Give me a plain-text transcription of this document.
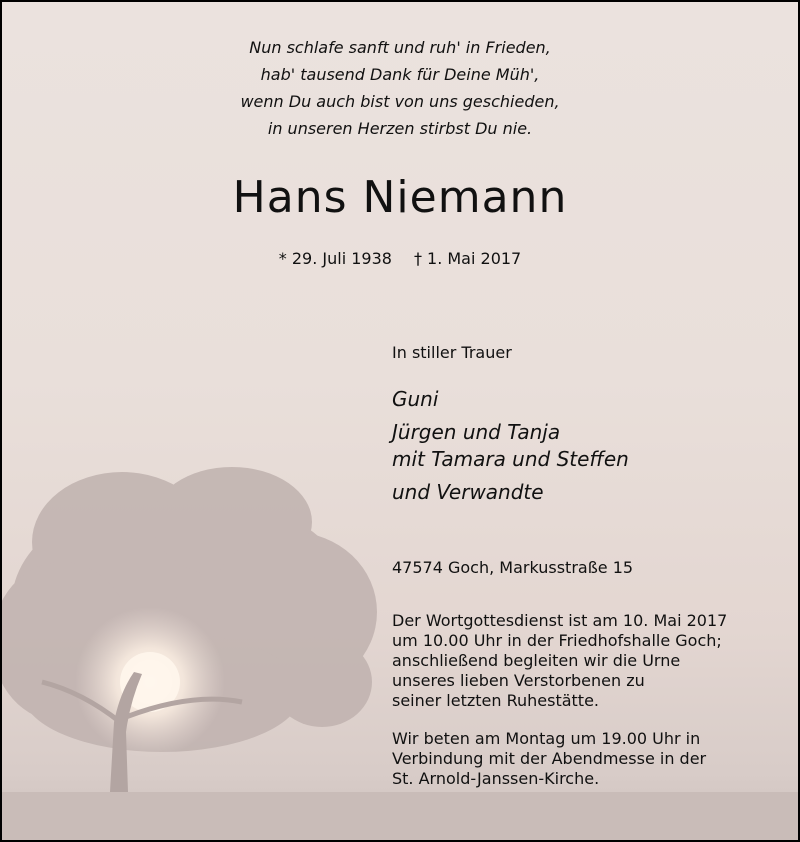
Nun schlafe sanft und ruh' in Frieden,
hab' tausend Dank für Deine Müh',
wenn Du auch bist von uns geschieden,
in unseren Herzen stirbst Du nie.
Hans Niemann
* 29. Juli 1938 † 1. Mai 2017
In stiller Trauer
Guni
Jürgen und Tanja
mit Tamara und Steffen
und Verwandte
47574 Goch, Markusstraße 15
Der Wortgottesdienst ist am 10. Mai 2017
um 10.00 Uhr in der Friedhofshalle Goch;
anschließend begleiten wir die Urne
unseres lieben Verstorbenen zu
seiner letzten Ruhestätte.
Wir beten am Montag um 19.00 Uhr in
Verbindung mit der Abendmesse in der
St. Arnold-Janssen-Kirche.
